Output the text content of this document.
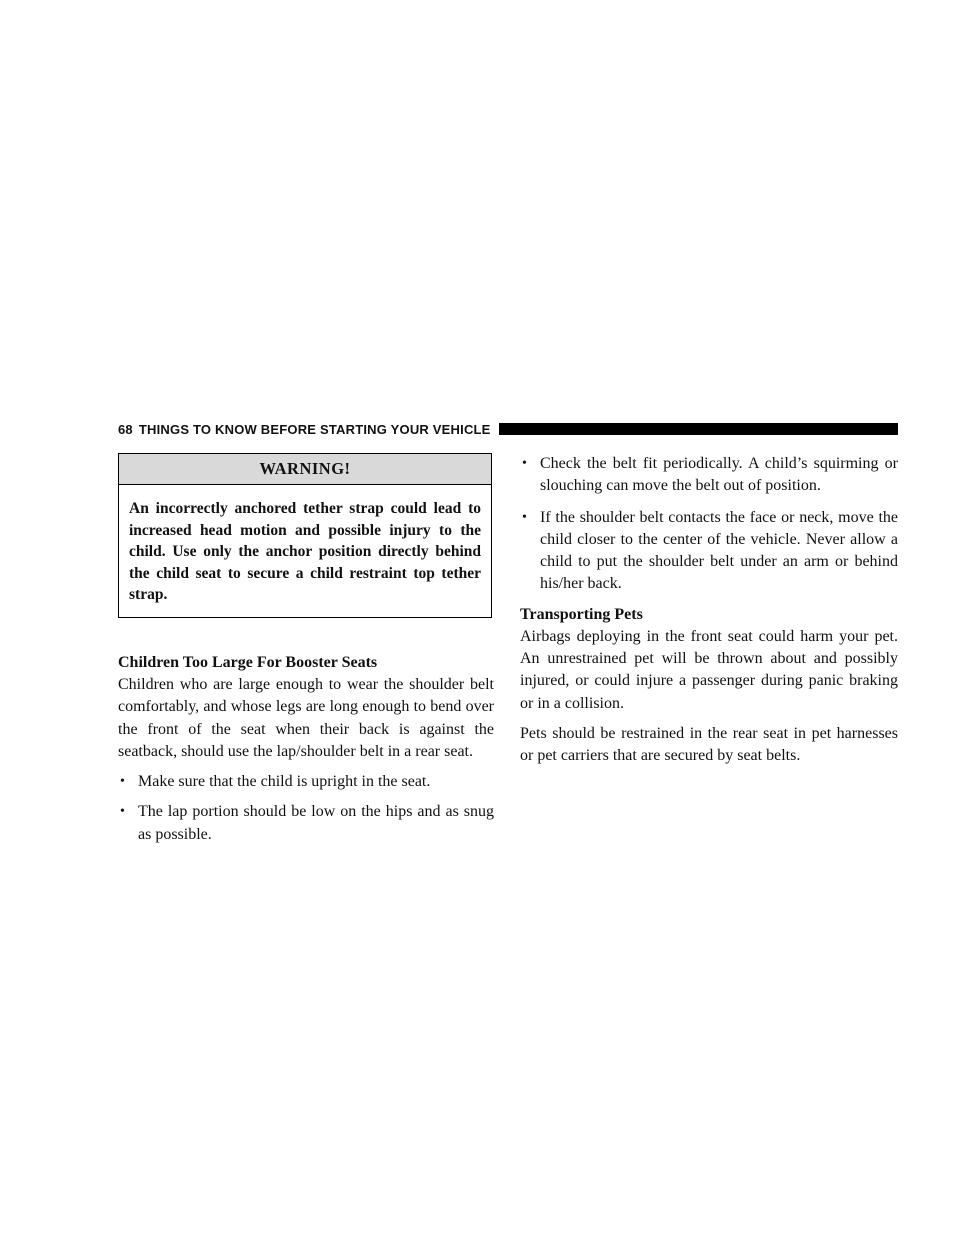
68 THINGS TO KNOW BEFORE STARTING YOUR VEHICLE
WARNING!
An incorrectly anchored tether strap could lead to increased head motion and possible injury to the child. Use only the anchor position directly behind the child seat to secure a child restraint top tether strap.

Children Too Large For Booster Seats

Children who are large enough to wear the shoulder belt comfortably, and whose legs are long enough to bend over the front of the seat when their back is against the seatback, should use the lap/shoulder belt in a rear seat.

• Make sure that the child is upright in the seat.
• The lap portion should be low on the hips and as snug as possible.
• Check the belt fit periodically. A child’s squirming or slouching can move the belt out of position.
• If the shoulder belt contacts the face or neck, move the child closer to the center of the vehicle. Never allow a child to put the shoulder belt under an arm or behind his/her back.

Transporting Pets

Airbags deploying in the front seat could harm your pet. An unrestrained pet will be thrown about and possibly injured, or could injure a passenger during panic braking or in a collision.

Pets should be restrained in the rear seat in pet harnesses or pet carriers that are secured by seat belts.
